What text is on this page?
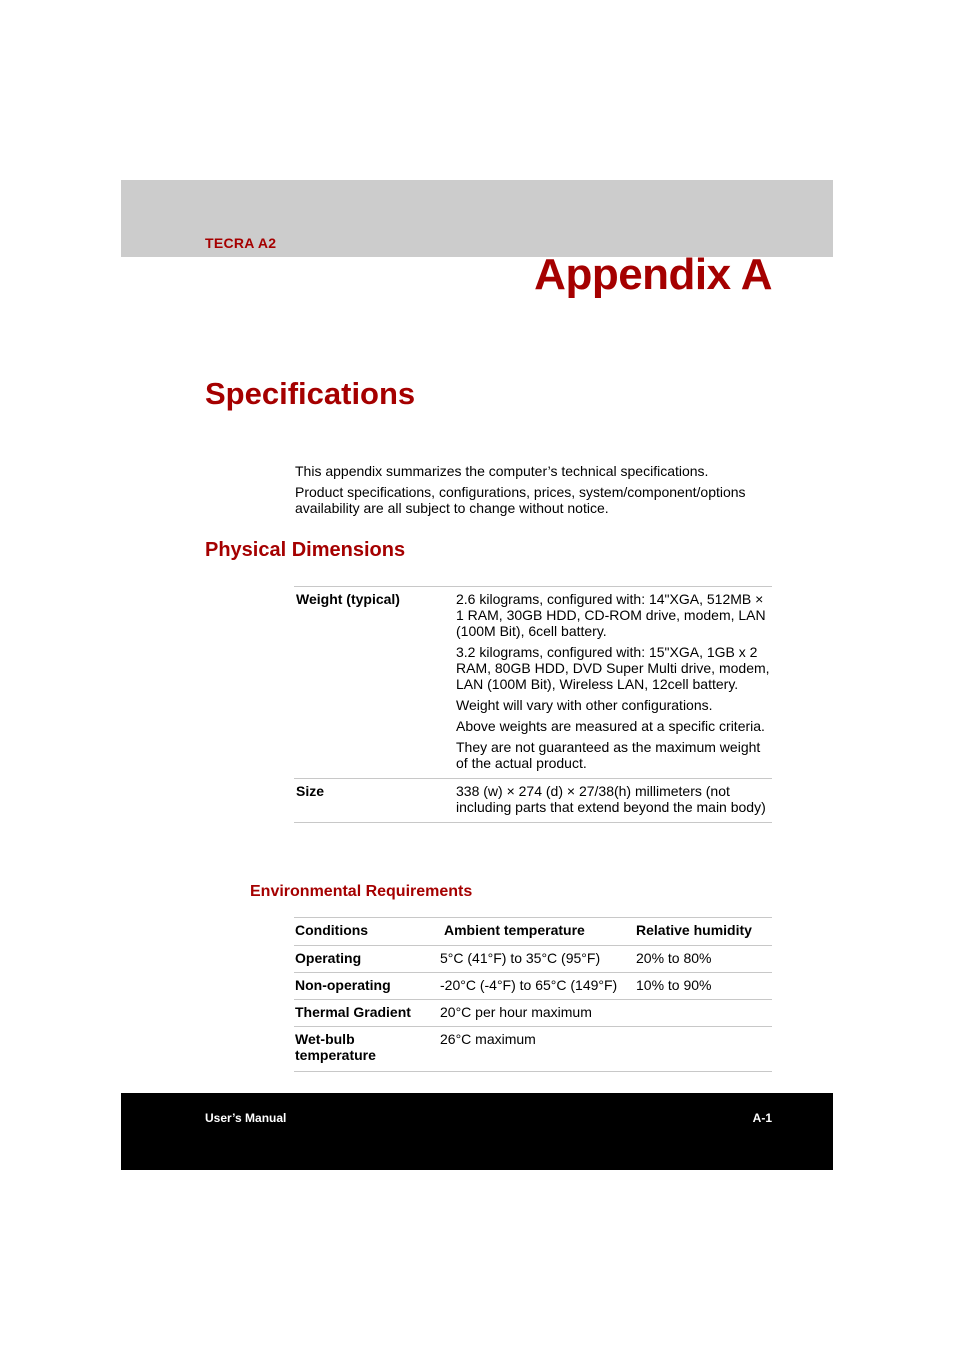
TECRA A2
Appendix A
Specifications

This appendix summarizes the computer’s technical specifications.

Product specifications, configurations, prices, system/component/options availability are all subject to change without notice.

Physical Dimensions
Weight (typical)	2.6 kilograms, configured with: 14"XGA, 512MB × 1 RAM, 30GB HDD, CD-ROM drive, modem, LAN (100M Bit), 6cell battery.

3.2 kilograms, configured with: 15"XGA, 1GB x 2 RAM, 80GB HDD, DVD Super Multi drive, modem, LAN (100M Bit), Wireless LAN, 12cell battery.

Weight will vary with other configurations.

Above weights are measured at a specific criteria.

They are not guaranteed as the maximum weight of the actual product.

Size	338 (w) × 274 (d) × 27/38(h) millimeters (not including parts that extend beyond the main body)

Environmental Requirements
Conditions	Ambient temperature	Relative humidity
Operating	5°C (41°F) to 35°C (95°F)	20% to 80%
Non-operating	-20°C (-4°F) to 65°C (149°F)	10% to 90%
Thermal Gradient	20°C per hour maximum	
Wet-bulb temperature	26°C maximum	
User’s Manual	A-1
